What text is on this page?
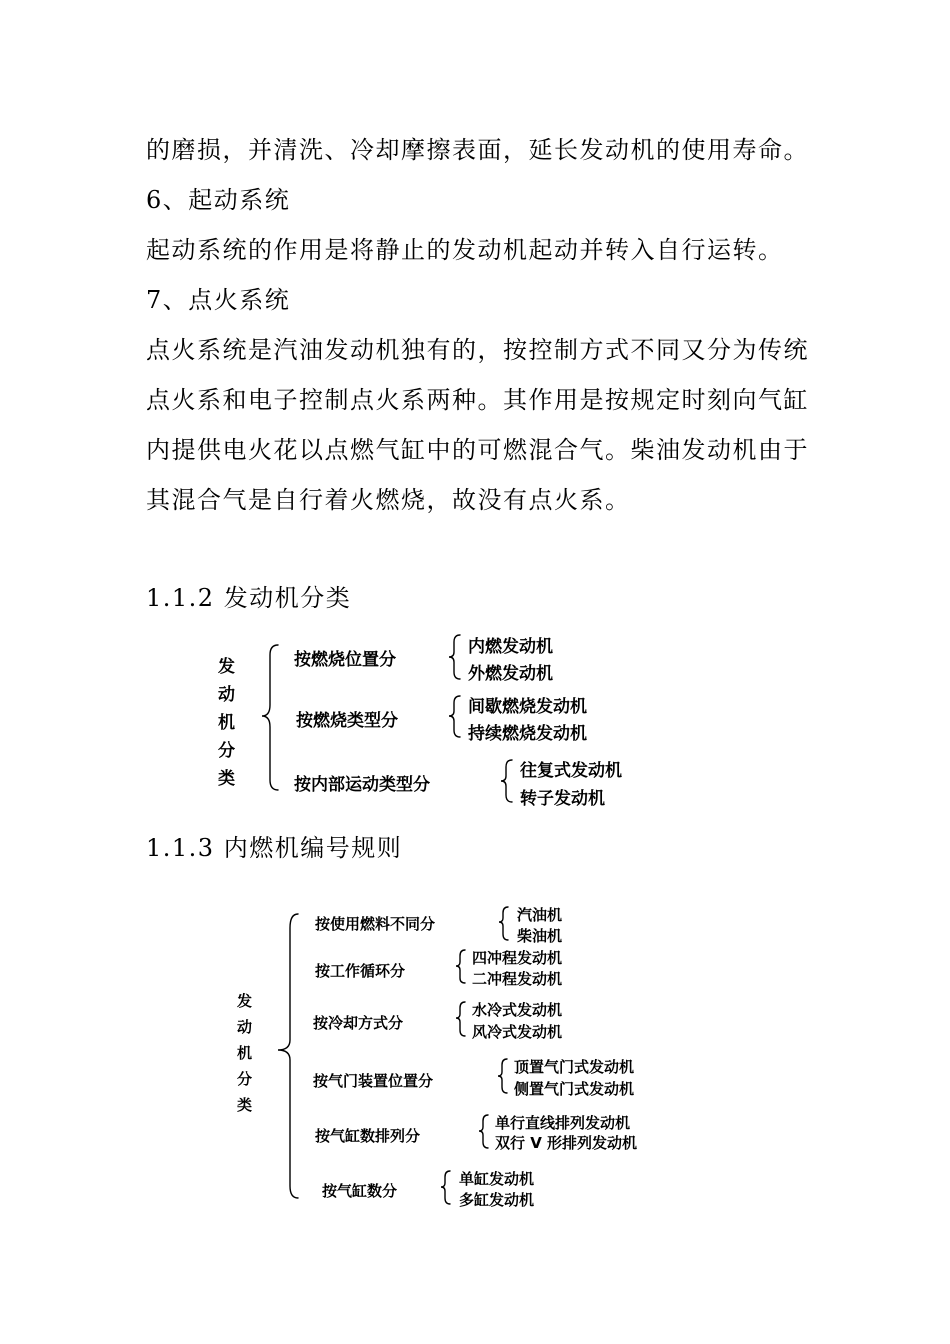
的磨损，并清洗、冷却摩擦表面，延长发动机的使用寿命。
6、起动系统
起动系统的作用是将静止的发动机起动并转入自行运转。
7、点火系统
点火系统是汽油发动机独有的，按控制方式不同又分为传统
点火系和电子控制点火系两种。其作用是按规定时刻向气缸
内提供电火花以点燃气缸中的可燃混合气。柴油发动机由于
其混合气是自行着火燃烧，故没有点火系。
1.1.2 发动机分类
发
动
机
分
类
按燃烧位置分
内燃发动机
外燃发动机
按燃烧类型分
间歇燃烧发动机
持续燃烧发动机
按内部运动类型分
往复式发动机
转子发动机
1.1.3 内燃机编号规则
发
动
机
分
类
按使用燃料不同分	汽油机
柴油机
按工作循环分
四冲程发动机
二冲程发动机
按冷却方式分
水冷式发动机
风冷式发动机
按气门装置位置分
顶置气门式发动机
侧置气门式发动机
按气缸数排列分
单行直线排列发动机
双行 V 形排列发动机
按气缸数分
单缸发动机
多缸发动机
